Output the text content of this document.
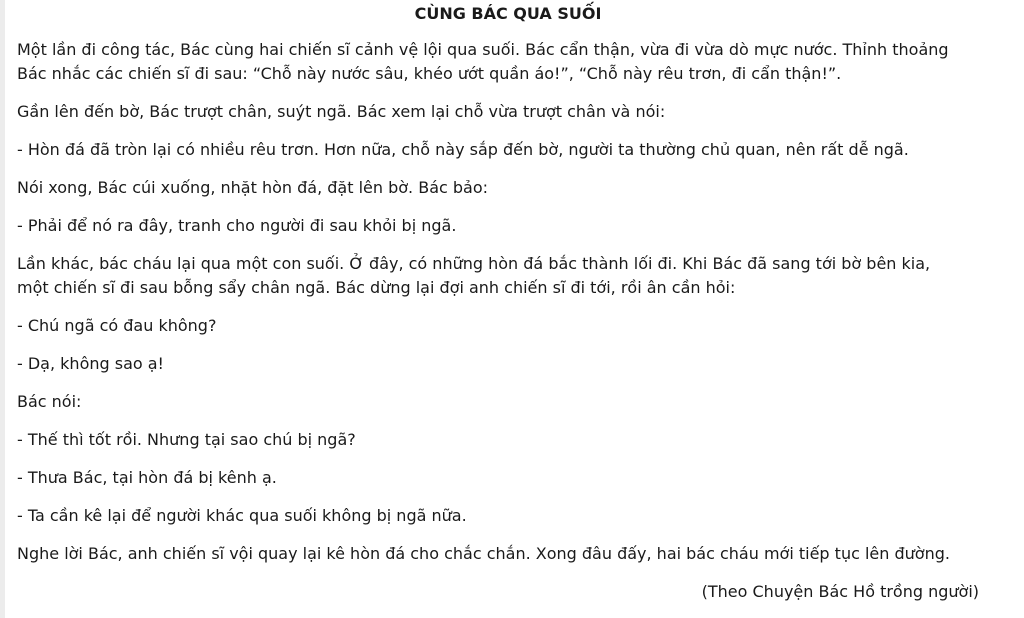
CÙNG BÁC QUA SUỐI
Một lần đi công tác, Bác cùng hai chiến sĩ cảnh vệ lội qua suối. Bác cẩn thận, vừa đi vừa dò mực nước. Thỉnh thoảng
Bác nhắc các chiến sĩ đi sau: “Chỗ này nước sâu, khéo ướt quần áo!”, “Chỗ này rêu trơn, đi cẩn thận!”.
Gần lên đến bờ, Bác trượt chân, suýt ngã. Bác xem lại chỗ vừa trượt chân và nói:
- Hòn đá đã tròn lại có nhiều rêu trơn. Hơn nữa, chỗ này sắp đến bờ, người ta thường chủ quan, nên rất dễ ngã.
Nói xong, Bác cúi xuống, nhặt hòn đá, đặt lên bờ. Bác bảo:
- Phải để nó ra đây, tranh cho người đi sau khỏi bị ngã.
Lần khác, bác cháu lại qua một con suối. Ở đây, có những hòn đá bắc thành lối đi. Khi Bác đã sang tới bờ bên kia,
một chiến sĩ đi sau bỗng sẩy chân ngã. Bác dừng lại đợi anh chiến sĩ đi tới, rồi ân cần hỏi:
- Chú ngã có đau không?
- Dạ, không sao ạ!
Bác nói:
- Thế thì tốt rồi. Nhưng tại sao chú bị ngã?
- Thưa Bác, tại hòn đá bị kênh ạ.
- Ta cần kê lại để người khác qua suối không bị ngã nữa.
Nghe lời Bác, anh chiến sĩ vội quay lại kê hòn đá cho chắc chắn. Xong đâu đấy, hai bác cháu mới tiếp tục lên đường.
(Theo Chuyện Bác Hồ trồng người)
